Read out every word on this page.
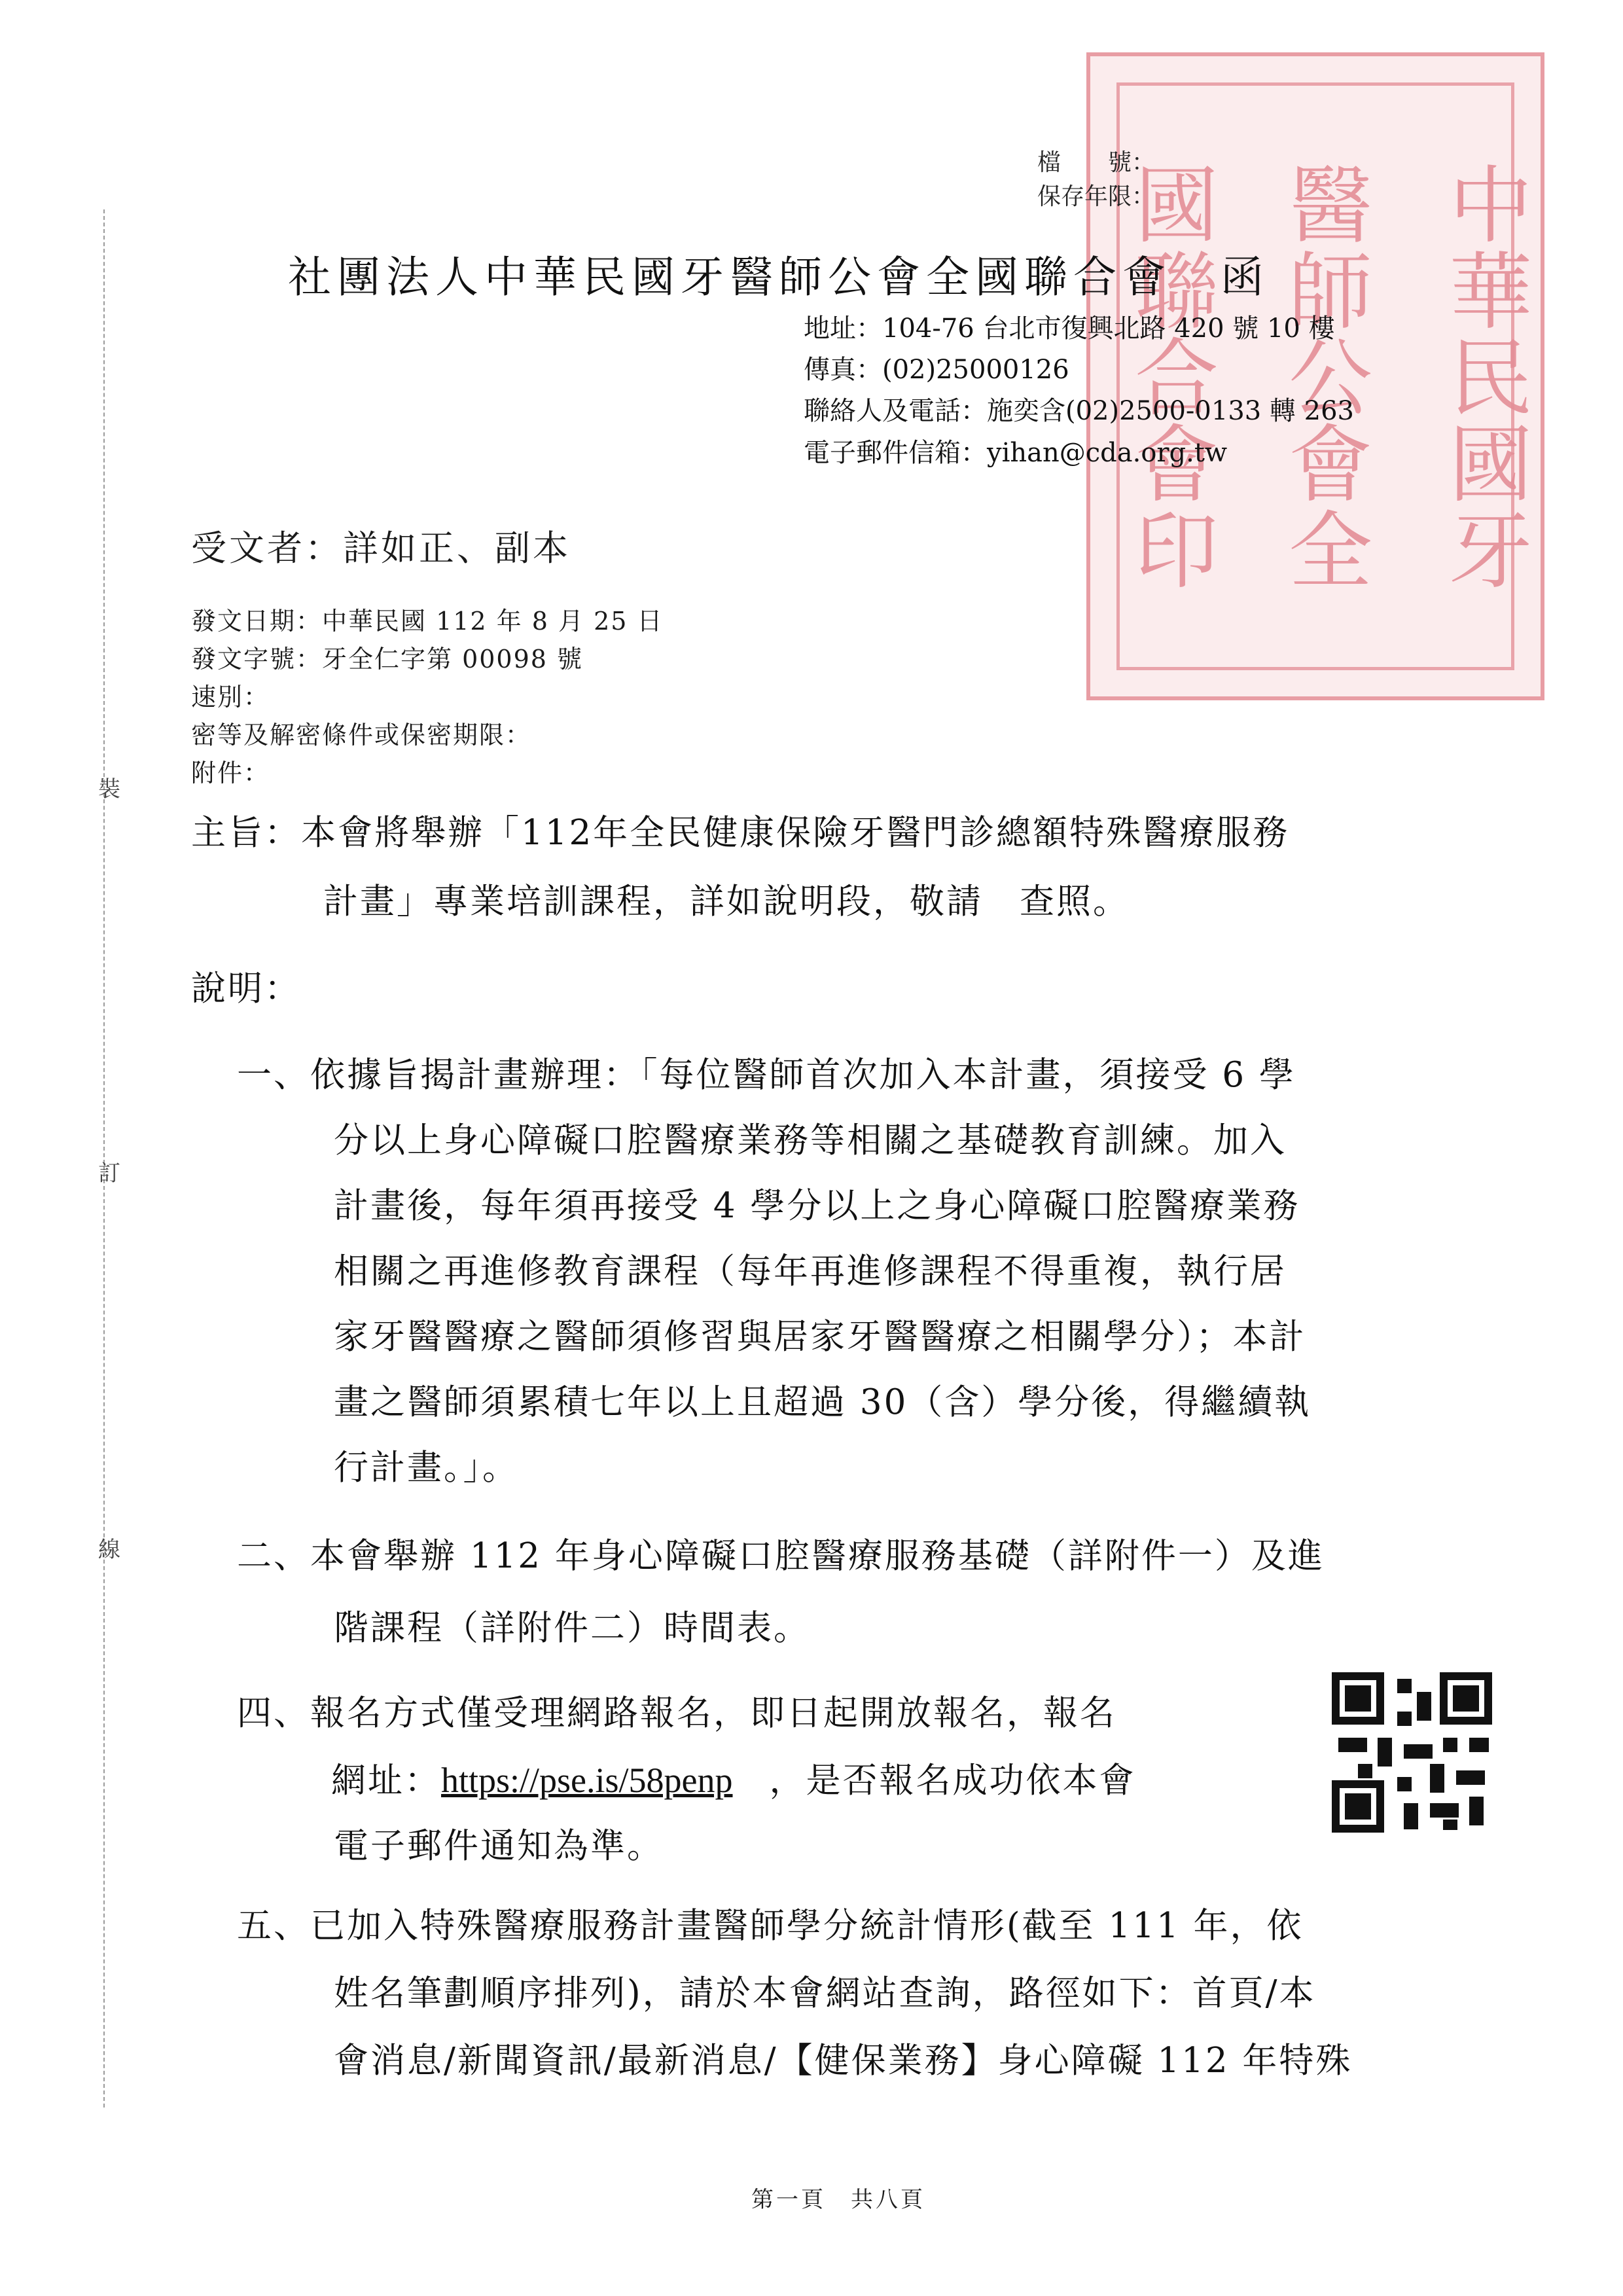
裝
訂
線
中華民國牙
醫師公會全
國聯合會印
檔　　號：
保存年限：
社團法人中華民國牙醫師公會全國聯合會　函
地址：104-76 台北市復興北路 420 號 10 樓
傳真：(02)25000126
聯絡人及電話：施奕含(02)2500-0133 轉 263
電子郵件信箱：yihan@cda.org.tw
受文者：詳如正、副本
發文日期：中華民國 112 年 8 月 25 日
發文字號：牙全仁字第 00098 號
速別：
密等及解密條件或保密期限：
附件：
主旨：本會將舉辦「112年全民健康保險牙醫門診總額特殊醫療服務
計畫」專業培訓課程，詳如說明段，敬請　查照。
說明：
一、依據旨揭計畫辦理：「每位醫師首次加入本計畫，須接受 6 學
分以上身心障礙口腔醫療業務等相關之基礎教育訓練。加入
計畫後，每年須再接受 4 學分以上之身心障礙口腔醫療業務
相關之再進修教育課程（每年再進修課程不得重複，執行居
家牙醫醫療之醫師須修習與居家牙醫醫療之相關學分）；本計
畫之醫師須累積七年以上且超過 30（含）學分後，得繼續執
行計畫。」。
二、本會舉辦 112 年身心障礙口腔醫療服務基礎（詳附件一）及進
階課程（詳附件二）時間表。
四、報名方式僅受理網路報名，即日起開放報名，報名
網址：https://pse.is/58penp　 ，是否報名成功依本會
電子郵件通知為準。
五、已加入特殊醫療服務計畫醫師學分統計情形(截至 111 年，依
姓名筆劃順序排列)，請於本會網站查詢，路徑如下：首頁/本
會消息/新聞資訊/最新消息/【健保業務】身心障礙 112 年特殊
第一頁　共八頁
